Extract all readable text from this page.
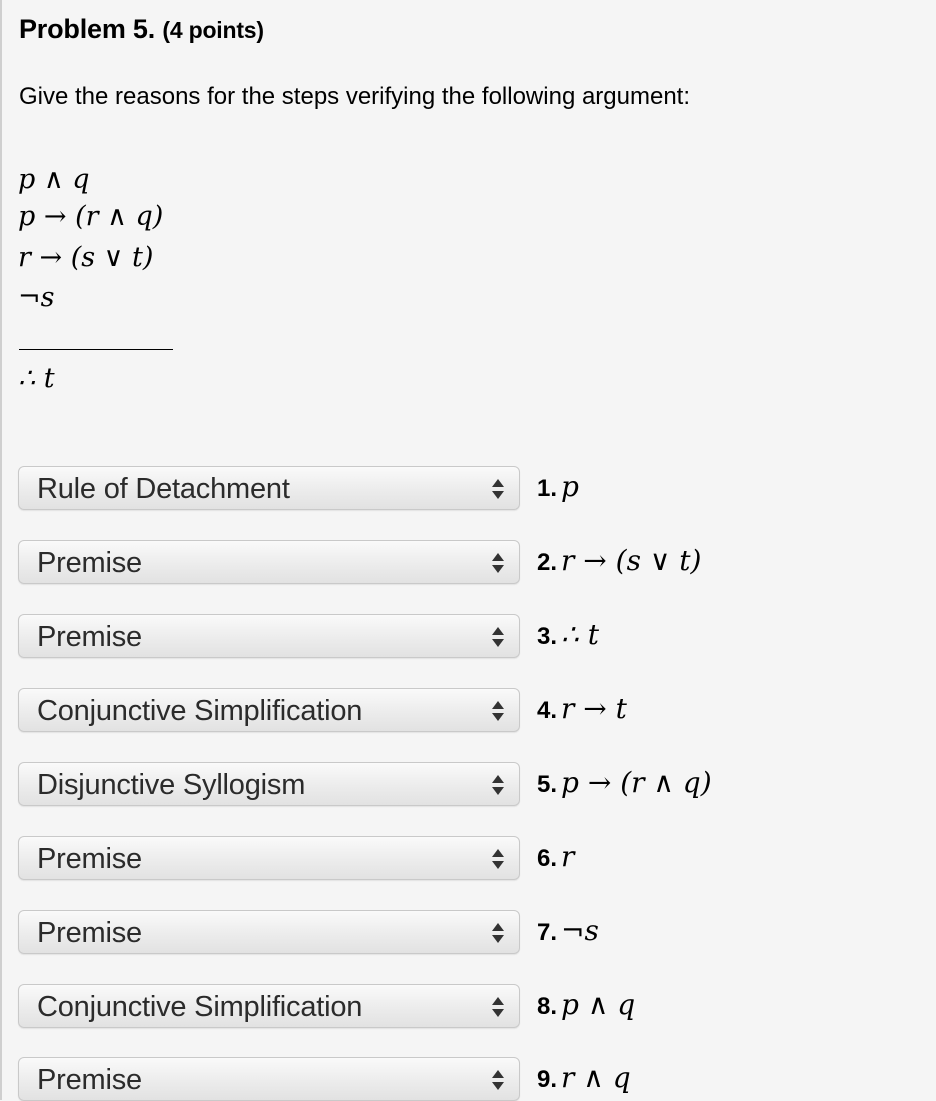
Problem 5. (4 points)
Give the reasons for the steps verifying the following argument:
p ∧ q
p → (r ∧ q)
r → (s ∨ t)
¬s
∴ t
Rule of Detachment	1. p
Premise	2. r → (s ∨ t)
Premise	3. ∴ t
Conjunctive Simplification	4. r → t
Disjunctive Syllogism	5. p → (r ∧ q)
Premise	6. r
Premise	7. ¬s
Conjunctive Simplification	8. p ∧ q
Premise	9. r ∧ q
